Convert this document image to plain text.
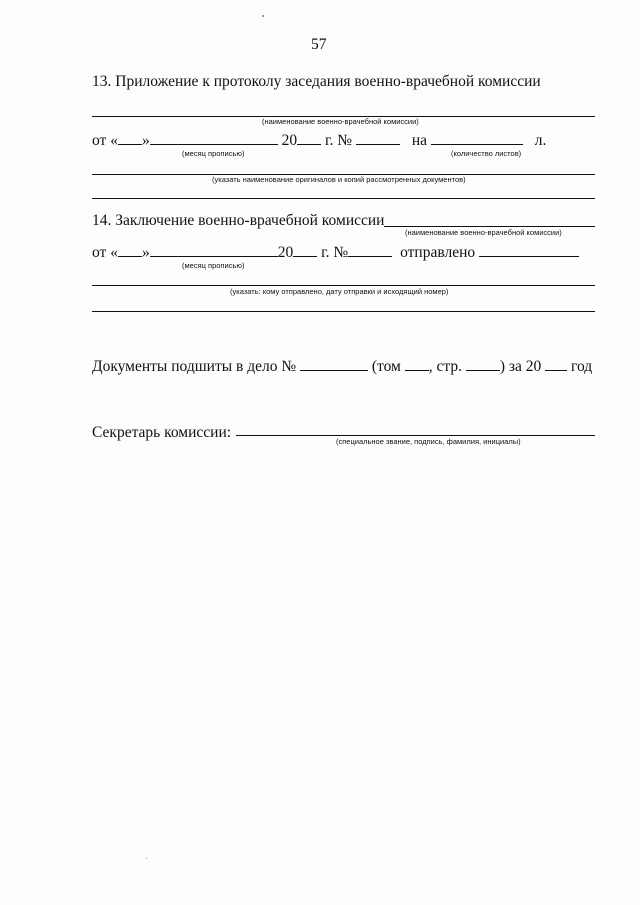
57
13. Приложение к протоколу заседания военно-врачебной комиссии
(наименование военно-врачебной комиссии)
от « »	20 г. №	на	л.
(месяц прописью)	(количество листов)
(указать наименование оригиналов и копий рассмотренных документов)
14. Заключение военно-врачебной комиссии
(наименование военно-врачебной комиссии)
от « »	20 г. №	отправлено
(месяц прописью)
(указать: кому отправлено, дату отправки и исходящий номер)
Документы подшиты в дело №	(том , стр. ) за 20 год
Секретарь комиссии:
(специальное звание, подпись, фамилия, инициалы)
